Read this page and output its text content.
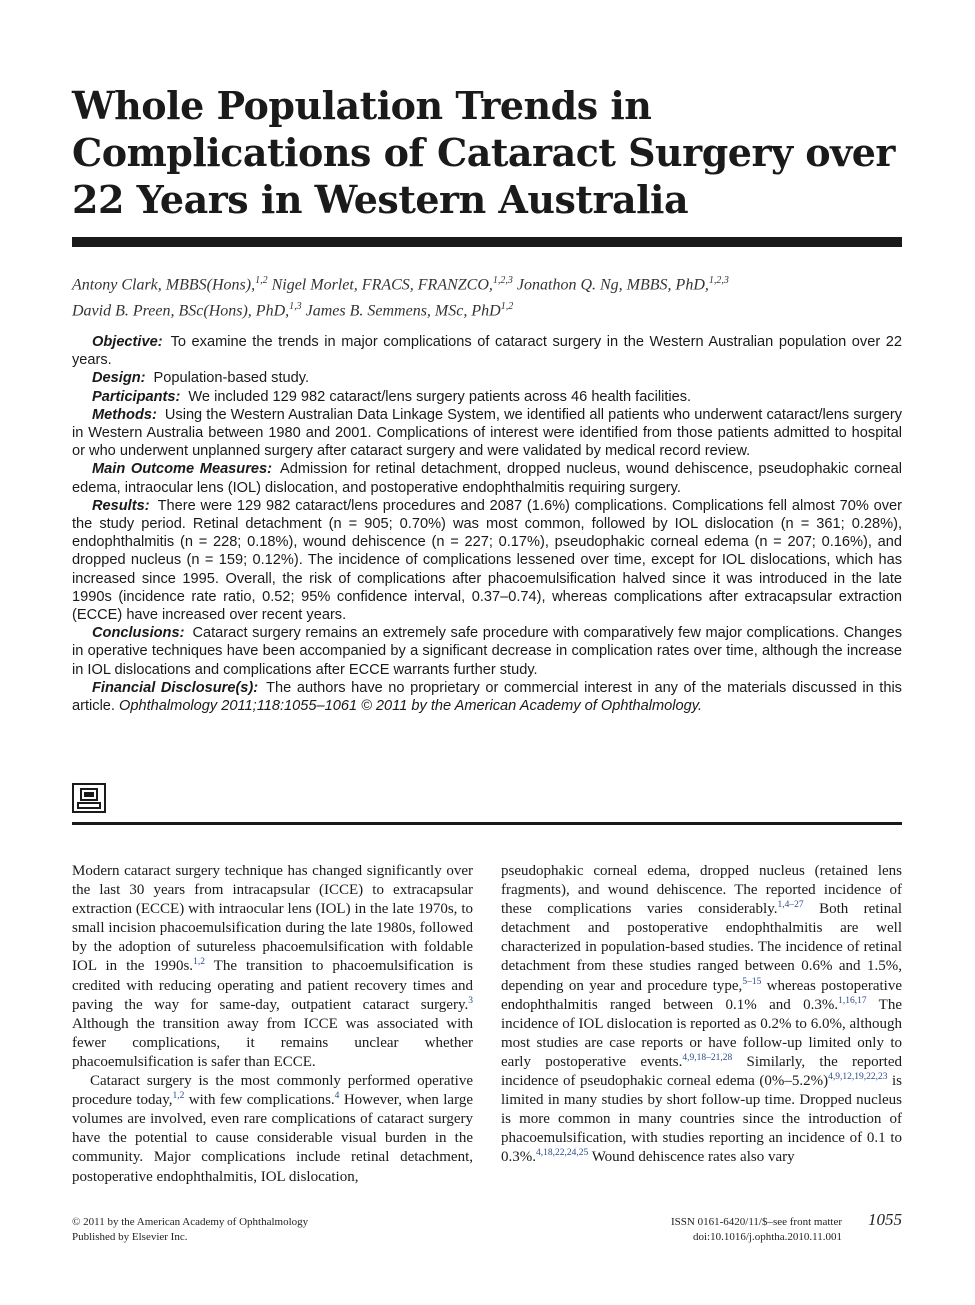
Whole Population Trends in Complications of Cataract Surgery over 22 Years in Western Australia
Antony Clark, MBBS(Hons),$^{1,2}$ Nigel Morlet, FRACS, FRANZCO,$^{1,2,3}$ Jonathon Q. Ng, MBBS, PhD,$^{1,2,3}$
David B. Preen, BSc(Hons), PhD,$^{1,3}$ James B. Semmens, MSc, PhD$^{1,2}$

Objective: To examine the trends in major complications of cataract surgery in the Western Australian population over 22 years.

Design: Population-based study.

Participants: We included 129 982 cataract/lens surgery patients across 46 health facilities.

Methods: Using the Western Australian Data Linkage System, we identified all patients who underwent cataract/lens surgery in Western Australia between 1980 and 2001. Complications of interest were identified from those patients admitted to hospital or who underwent unplanned surgery after cataract surgery and were validated by medical record review.

Main Outcome Measures: Admission for retinal detachment, dropped nucleus, wound dehiscence, pseudophakic corneal edema, intraocular lens (IOL) dislocation, and postoperative endophthalmitis requiring surgery.

Results: There were 129 982 cataract/lens procedures and 2087 (1.6%) complications. Complications fell almost 70% over the study period. Retinal detachment (n = 905; 0.70%) was most common, followed by IOL dislocation (n = 361; 0.28%), endophthalmitis (n = 228; 0.18%), wound dehiscence (n = 227; 0.17%), pseudophakic corneal edema (n = 207; 0.16%), and dropped nucleus (n = 159; 0.12%). The incidence of complications lessened over time, except for IOL dislocations, which has increased since 1995. Overall, the risk of complications after phacoemulsification halved since it was introduced in the late 1990s (incidence rate ratio, 0.52; 95% confidence interval, 0.37–0.74), whereas complications after extracapsular extraction (ECCE) have increased over recent years.

Conclusions: Cataract surgery remains an extremely safe procedure with comparatively few major complications. Changes in operative techniques have been accompanied by a significant decrease in complication rates over time, although the increase in IOL dislocations and complications after ECCE warrants further study.

Financial Disclosure(s): The authors have no proprietary or commercial interest in any of the materials discussed in this article. Ophthalmology 2011;118:1055–1061 © 2011 by the American Academy of Ophthalmology.

Modern cataract surgery technique has changed significantly over the last 30 years from intracapsular (ICCE) to extracapsular extraction (ECCE) with intraocular lens (IOL) in the late 1970s, to small incision phacoemulsification during the late 1980s, followed by the adoption of sutureless phacoemulsification with foldable IOL in the 1990s.$^{1,2}$ The transition to phacoemulsification is credited with reducing operating and patient recovery times and paving the way for same-day, outpatient cataract surgery.$^3$ Although the transition away from ICCE was associated with fewer complications, it remains unclear whether phacoemulsification is safer than ECCE.

Cataract surgery is the most commonly performed operative procedure today,$^{1,2}$ with few complications.$^4$ However, when large volumes are involved, even rare complications of cataract surgery have the potential to cause considerable visual burden in the community. Major complications include retinal detachment, postoperative endophthalmitis, IOL dislocation,

pseudophakic corneal edema, dropped nucleus (retained lens fragments), and wound dehiscence. The reported incidence of these complications varies considerably.$^{1,4-27}$ Both retinal detachment and postoperative endophthalmitis are well characterized in population-based studies. The incidence of retinal detachment from these studies ranged between 0.6% and 1.5%, depending on year and procedure type,$^{5-15}$ whereas postoperative endophthalmitis ranged between 0.1% and 0.3%.$^{1,16,17}$ The incidence of IOL dislocation is reported as 0.2% to 6.0%, although most studies are case reports or have follow-up limited only to early postoperative events.$^{4,9,18-21,28}$ Similarly, the reported incidence of pseudophakic corneal edema $(0\%-5.2\%)^{4,9,12,19,22,23}$ is limited in many studies by short follow-up time. Dropped nucleus is more common in many countries since the introduction of phacoemulsification, with studies reporting an incidence of 0.1 to 0.3%.$^{4,18,22,24,25}$ Wound dehiscence rates also vary

© 2011 by the American Academy of Ophthalmology
Published by Elsevier Inc.
ISSN 0161-6420/11/$–see front matter
doi:10.1016/j.ophtha.2010.11.001
1055
